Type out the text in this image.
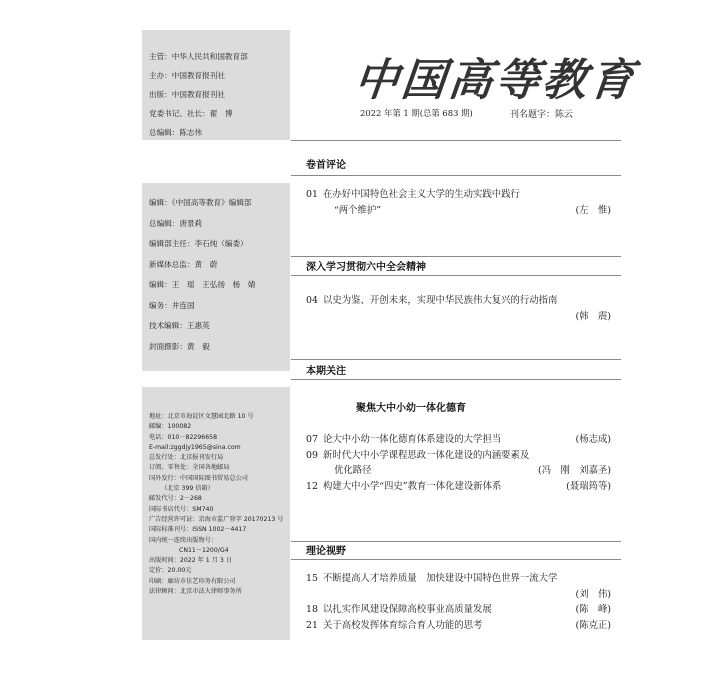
主管：中华人民共和国教育部
主办：中国教育报刊社
出版：中国教育报刊社
党委书记、社长：翟　博
总编辑：陈志伟
编辑：《中国高等教育》编辑部
总编辑：唐景莉
编辑部主任：李石纯（编委）
新媒体总监：黄　蔚
编辑：王　瑶　王弘扬　杨　婧
编务：井连国
技术编辑：王惠英
封面摄影：黄　毅
地址：北京市海淀区文慧园北路 10 号
邮编：100082
电话：010－82296658
E-mail:zggdjy1965@sina.com
总发行处：北京报刊发行局
订阅、零售处：全国各地邮局
国外发行：中国国际图书贸易总公司
（北京 399 信箱）
邮发代号：2－268
国际书店代号：SM740
广告经营许可证：京海市监广登字 20170213 号
国际标准刊号：ISSN 1002－4417
国内统一连续出版物号：
CN11－1200/G4
出版时间：2022 年 1 月 3 日
定价：20.00元
印刷：廊坊市佳艺印务有限公司
法律顾问：北京市法大律师事务所
中国高等教育
2022 年第 1 期(总第 683 期)	刊名题字：陈云
卷首评论
01 在办好中国特色社会主义大学的生动实践中践行
“两个维护”	(左　惟)
深入学习贯彻六中全会精神
04 以史为鉴、开创未来，实现中华民族伟大复兴的行动指南
(韩　震)
本期关注
聚焦大中小幼一体化德育
07 论大中小幼一体化德育体系建设的大学担当	(杨志成)
09 新时代大中小学课程思政一体化建设的内涵要素及
优化路径	(冯　刚　刘嘉圣)
12 构建大中小学“四史”教育一体化建设新体系	(聂瑞筠等)
理论视野
15 不断提高人才培养质量　加快建设中国特色世界一流大学
(刘　伟)
18 以扎实作风建设保障高校事业高质量发展	(陈　峰)
21 关于高校发挥体育综合育人功能的思考	(陈克正)
